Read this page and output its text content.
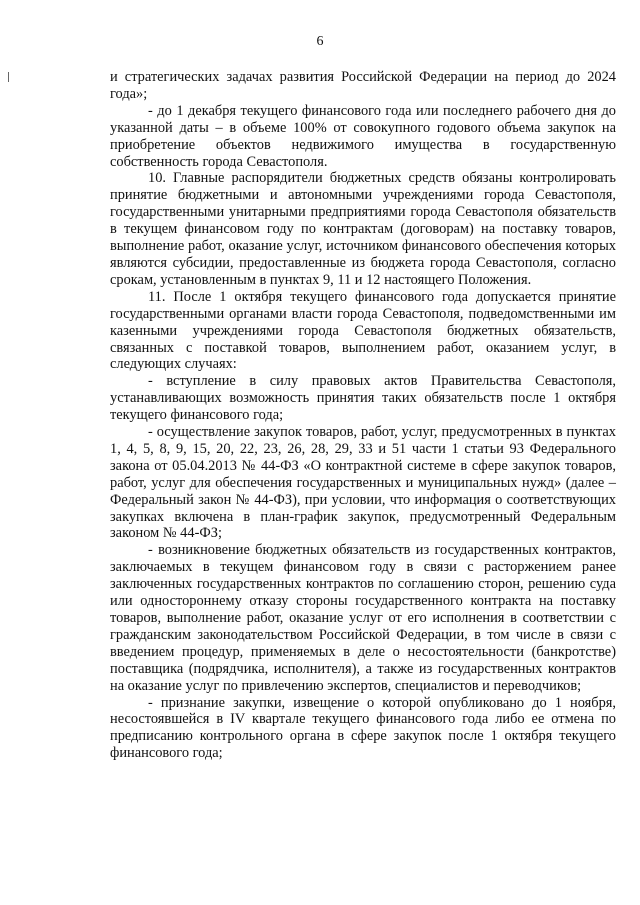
6

и стратегических задачах развития Российской Федерации на период до 2024 года»;

- до 1 декабря текущего финансового года или последнего рабочего дня до указанной даты – в объеме 100% от совокупного годового объема закупок на приобретение объектов недвижимого имущества в государственную собственность города Севастополя.

10. Главные распорядители бюджетных средств обязаны контролировать принятие бюджетными и автономными учреждениями города Севастополя, государственными унитарными предприятиями города Севастополя обязательств в текущем финансовом году по контрактам (договорам) на поставку товаров, выполнение работ, оказание услуг, источником финансового обеспечения которых являются субсидии, предоставленные из бюджета города Севастополя, согласно срокам, установленным в пунктах 9, 11 и 12 настоящего Положения.

11. После 1 октября текущего финансового года допускается принятие государственными органами власти города Севастополя, подведомственными им казенными учреждениями города Севастополя бюджетных обязательств, связанных с поставкой товаров, выполнением работ, оказанием услуг, в следующих случаях:

- вступление в силу правовых актов Правительства Севастополя, устанавливающих возможность принятия таких обязательств после 1 октября текущего финансового года;

- осуществление закупок товаров, работ, услуг, предусмотренных в пунктах 1, 4, 5, 8, 9, 15, 20, 22, 23, 26, 28, 29, 33 и 51 части 1 статьи 93 Федерального закона от 05.04.2013 № 44-ФЗ «О контрактной системе в сфере закупок товаров, работ, услуг для обеспечения государственных и муниципальных нужд» (далее – Федеральный закон № 44-ФЗ), при условии, что информация о соответствующих закупках включена в план-график закупок, предусмотренный Федеральным законом № 44-ФЗ;

- возникновение бюджетных обязательств из государственных контрактов, заключаемых в текущем финансовом году в связи с расторжением ранее заключенных государственных контрактов по соглашению сторон, решению суда или одностороннему отказу стороны государственного контракта на поставку товаров, выполнение работ, оказание услуг от его исполнения в соответствии с гражданским законодательством Российской Федерации, в том числе в связи с введением процедур, применяемых в деле о несостоятельности (банкротстве) поставщика (подрядчика, исполнителя), а также из государственных контрактов на оказание услуг по привлечению экспертов, специалистов и переводчиков;

- признание закупки, извещение о которой опубликовано до 1 ноября, несостоявшейся в IV квартале текущего финансового года либо ее отмена по предписанию контрольного органа в сфере закупок после 1 октября текущего финансового года;
